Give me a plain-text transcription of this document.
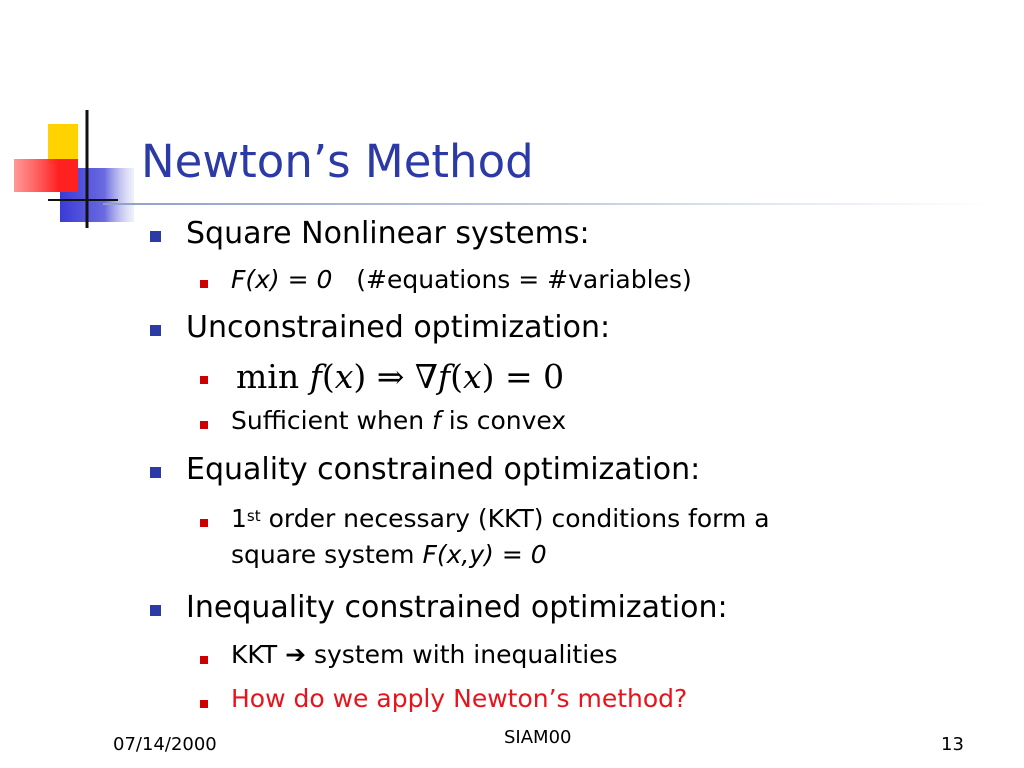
Newton’s Method
Square Nonlinear systems:
F(x) = 0 (#equations = #variables)
Unconstrained optimization:
min f(x) ⇒ ∇f(x) = 0
Sufficient when f is convex
Equality constrained optimization:
1st order necessary (KKT) conditions form a
square system F(x,y) = 0
Inequality constrained optimization:
KKT ➔ system with inequalities
How do we apply Newton’s method?
07/14/2000	SIAM00	13
